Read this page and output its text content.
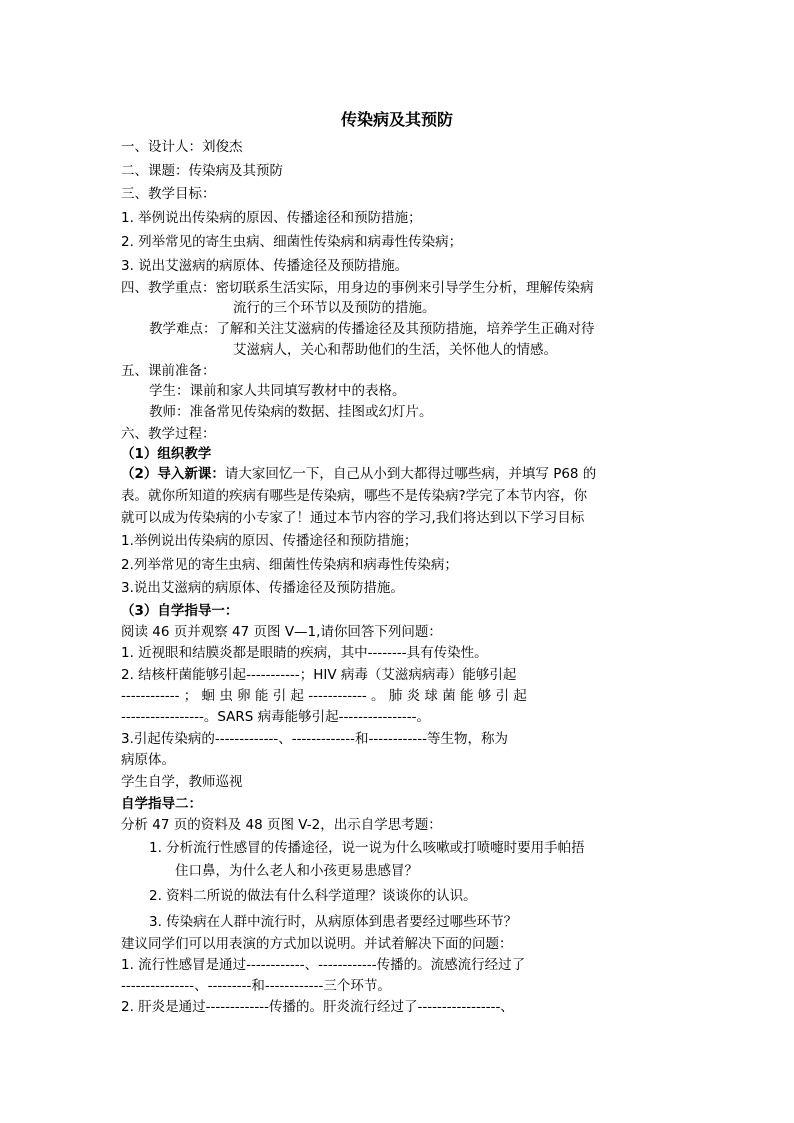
传染病及其预防
一、设计人：刘俊杰
二、课题：传染病及其预防
三、教学目标：
1. 举例说出传染病的原因、传播途径和预防措施；
2. 列举常见的寄生虫病、细菌性传染病和病毒性传染病；
3. 说出艾滋病的病原体、传播途径及预防措施。
四、教学重点：密切联系生活实际，用身边的事例来引导学生分析，理解传染病
流行的三个环节以及预防的措施。
教学难点：了解和关注艾滋病的传播途径及其预防措施，培养学生正确对待
艾滋病人，关心和帮助他们的生活，关怀他人的情感。
五、课前准备：
学生：课前和家人共同填写教材中的表格。
教师：准备常见传染病的数据、挂图或幻灯片。
六、教学过程：
（1）组织教学
（2）导入新课：请大家回忆一下，自己从小到大都得过哪些病，并填写 P68 的
表。就你所知道的疾病有哪些是传染病，哪些不是传染病?学完了本节内容，你
就可以成为传染病的小专家了！通过本节内容的学习,我们将达到以下学习目标
1.举例说出传染病的原因、传播途径和预防措施；
2.列举常见的寄生虫病、细菌性传染病和病毒性传染病；
3.说出艾滋病的病原体、传播途径及预防措施。
（3）自学指导一：
阅读 46 页并观察 47 页图 V—1,请你回答下列问题：
1. 近视眼和结膜炎都是眼睛的疾病，其中--------具有传染性。
2. 结核杆菌能够引起-----------；HIV 病毒（艾滋病病毒）能够引起
------------ ； 蛔 虫 卵 能 引 起 ------------ 。 肺 炎 球 菌 能 够 引 起
-----------------。SARS 病毒能够引起----------------。
3.引起传染病的-------------、-------------和------------等生物，称为
病原体。
学生自学，教师巡视
自学指导二：
分析 47 页的资料及 48 页图 V-2，出示自学思考题：
1. 分析流行性感冒的传播途径，说一说为什么咳嗽或打喷嚏时要用手帕捂
住口鼻，为什么老人和小孩更易患感冒？
2. 资料二所说的做法有什么科学道理？谈谈你的认识。
3. 传染病在人群中流行时，从病原体到患者要经过哪些环节？
建议同学们可以用表演的方式加以说明。并试着解决下面的问题：
1. 流行性感冒是通过------------、------------传播的。流感流行经过了
---------------、---------和------------三个环节。
2. 肝炎是通过-------------传播的。肝炎流行经过了-----------------、
